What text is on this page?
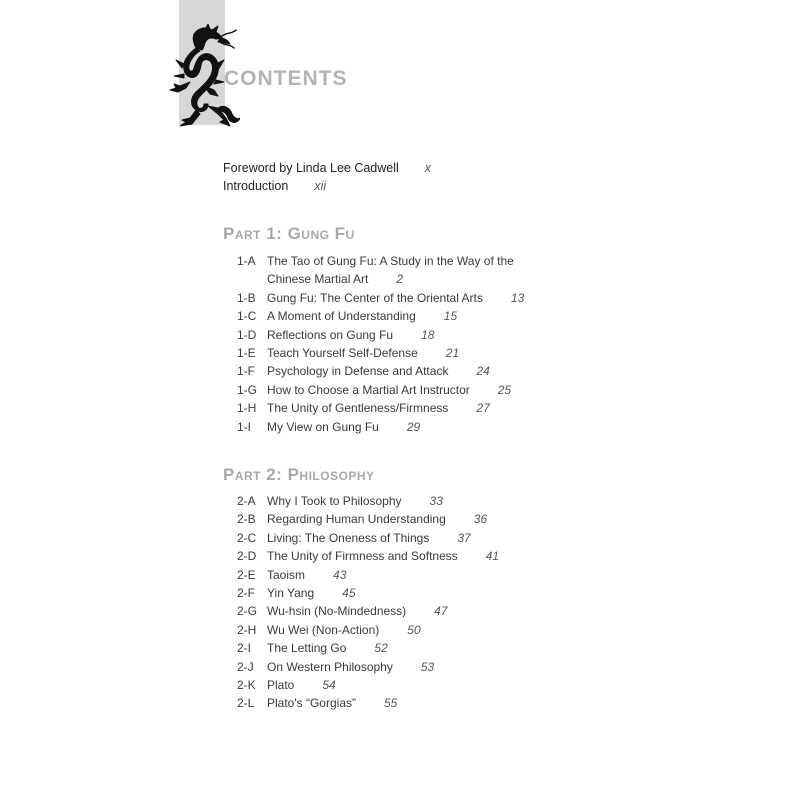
contents
Foreword by Linda Lee Cadwell x
Introduction xii
Part 1: Gung Fu
1-A The Tao of Gung Fu: A Study in the Way of the Chinese Martial Art 2
1-B Gung Fu: The Center of the Oriental Arts 13
1-C A Moment of Understanding 15
1-D Reflections on Gung Fu 18
1-E Teach Yourself Self-Defense 21
1-F	Psychology in Defense and Attack 24
1-G How to Choose a Martial Art Instructor 25
1-H The Unity of Gentleness/Firmness 27
1-I	My View on Gung Fu 29
Part 2: Philosophy
2-A Why I Took to Philosophy 33
2-B Regarding Human Understanding 36
2-C Living: The Oneness of Things 37
2-D The Unity of Firmness and Softness 41
2-E Taoism 43
2-F	Yin Yang 45
2-G Wu-hsin (No-Mindedness) 47
2-H Wu Wei (Non-Action) 50
2-I	The Letting Go 52
2-J	On Western Philosophy 53
2-K Plato 54
2-L	Plato's “Gorgias” 55
